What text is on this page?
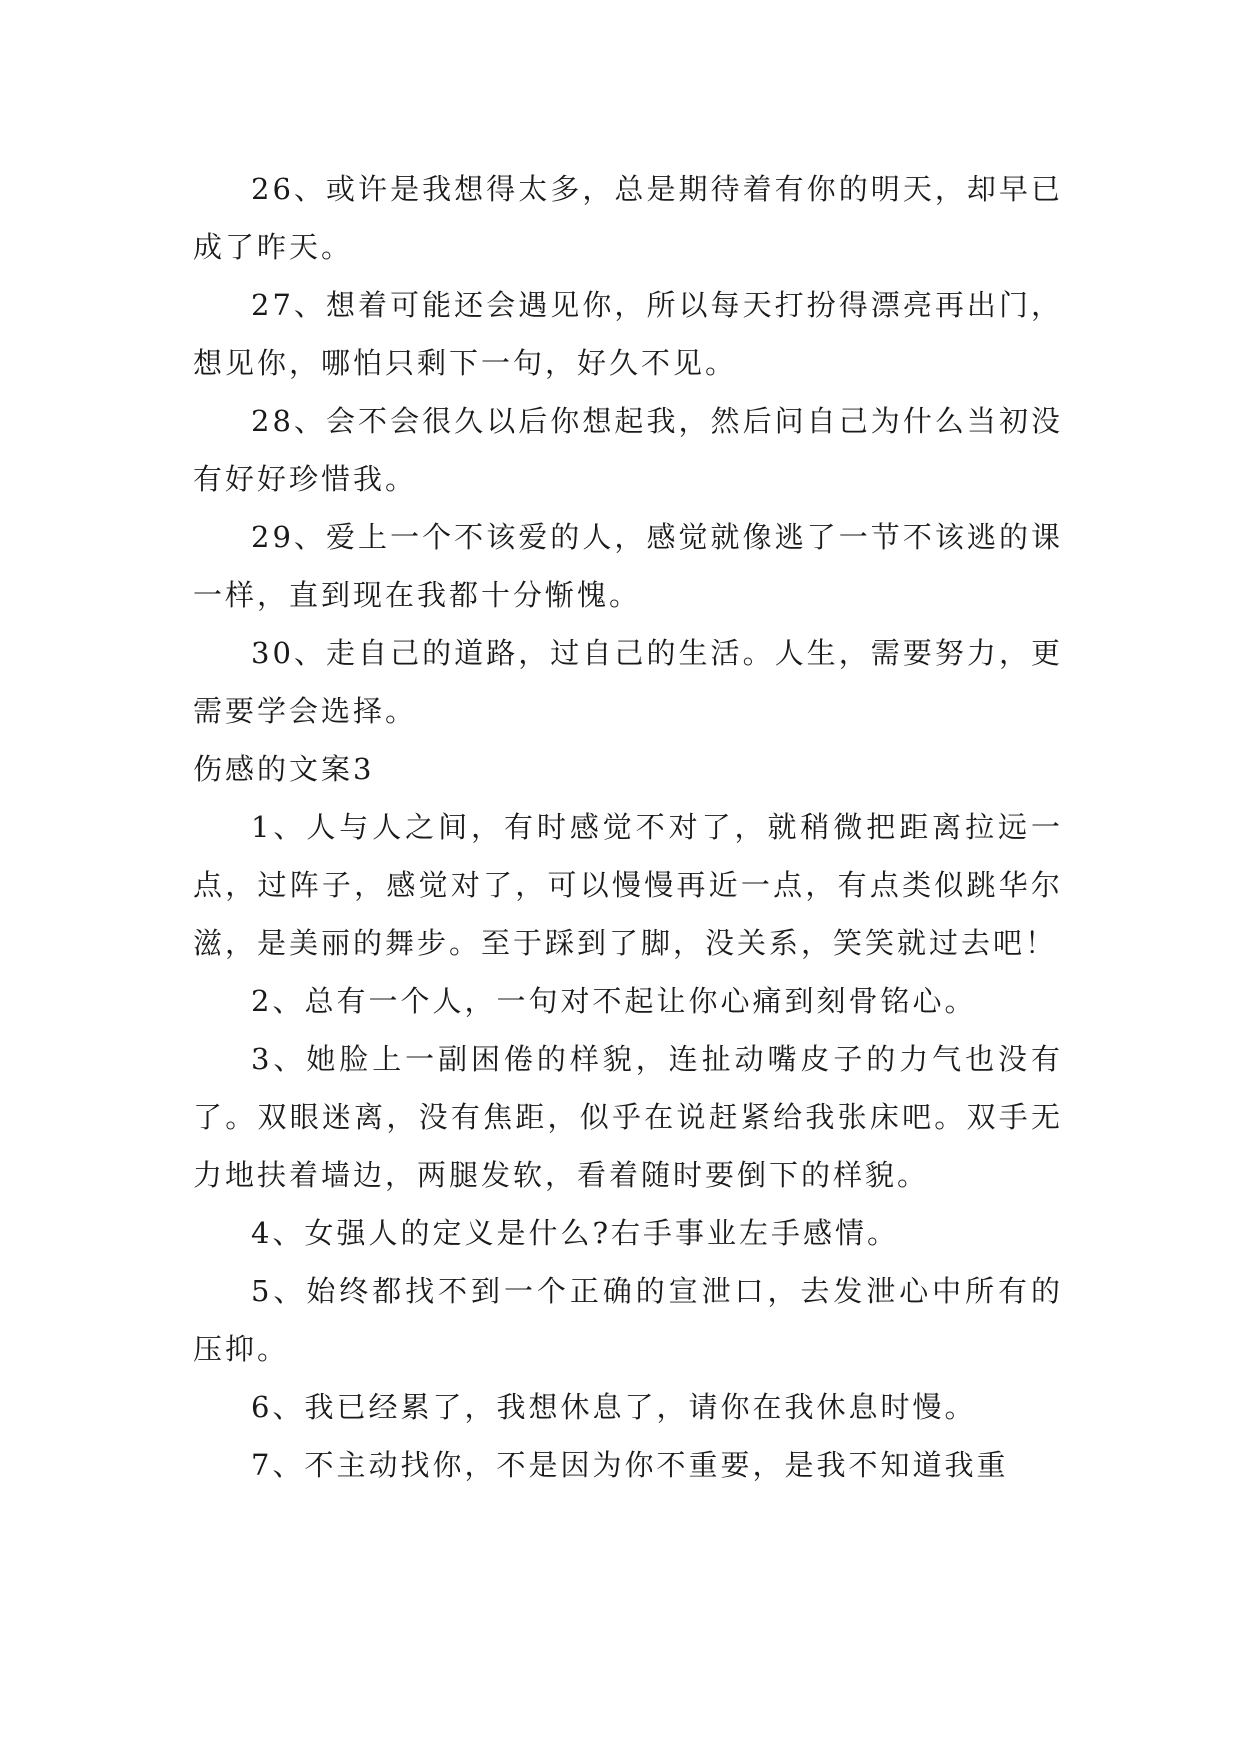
26、或许是我想得太多，总是期待着有你的明天，却早已成了昨天。

27、想着可能还会遇见你，所以每天打扮得漂亮再出门，想见你，哪怕只剩下一句，好久不见。

28、会不会很久以后你想起我，然后问自己为什么当初没有好好珍惜我。

29、爱上一个不该爱的人，感觉就像逃了一节不该逃的课一样，直到现在我都十分惭愧。

30、走自己的道路，过自己的生活。人生，需要努力，更需要学会选择。

伤感的文案3

1、人与人之间，有时感觉不对了，就稍微把距离拉远一点，过阵子，感觉对了，可以慢慢再近一点，有点类似跳华尔滋，是美丽的舞步。至于踩到了脚，没关系，笑笑就过去吧！

2、总有一个人，一句对不起让你心痛到刻骨铭心。

3、她脸上一副困倦的样貌，连扯动嘴皮子的力气也没有了。双眼迷离，没有焦距，似乎在说赶紧给我张床吧。双手无力地扶着墙边，两腿发软，看着随时要倒下的样貌。

4、女强人的定义是什么?右手事业左手感情。

5、始终都找不到一个正确的宣泄口，去发泄心中所有的压抑。

6、我已经累了，我想休息了，请你在我休息时慢。

7、不主动找你，不是因为你不重要，是我不知道我重
